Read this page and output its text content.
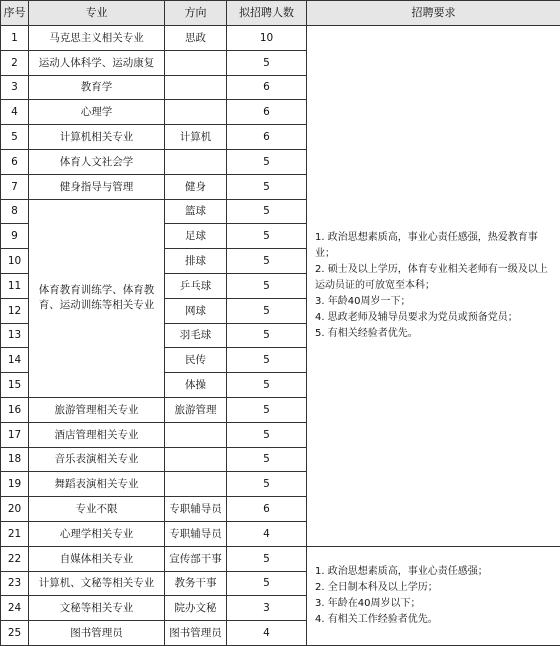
序号	专业	方向	拟招聘人数	招聘要求
1	马克思主义相关专业	思政	10	1. 政治思想素质高，事业心责任感强，热爱教育事业；
2. 硕士及以上学历，体育专业相关老师有一级及以上运动员证的可放宽至本科；
3. 年龄40周岁一下；
4. 思政老师及辅导员要求为党员或预备党员；
5. 有相关经验者优先。

2	运动人体科学、运动康复		5	
3	教育学		6	
4	心理学		6	
5	计算机相关专业	计算机	6	
6	体育人文社会学		5	
7	健身指导与管理	健身	5	
8	体育教育训练学、体育教育、运动训练等相关专业	篮球	5	
9		足球	5	
10		排球	5	
11		乒乓球	5	
12		网球	5	
13		羽毛球	5	
14		民传	5	
15		体操	5	
16	旅游管理相关专业	旅游管理	5	
17	酒店管理相关专业		5	
18	音乐表演相关专业		5	
19	舞蹈表演相关专业		5	
20	专业不限	专职辅导员	6	
21	心理学相关专业	专职辅导员	4	
22	自媒体相关专业	宣传部干事	5	1. 政治思想素质高，事业心责任感强；
2. 全日制本科及以上学历；
3. 年龄在40周岁以下；
4. 有相关工作经验者优先。

23	计算机、文秘等相关专业	教务干事	5	
24	文秘等相关专业	院办文秘	3	
25	图书管理员	图书管理员	4	
